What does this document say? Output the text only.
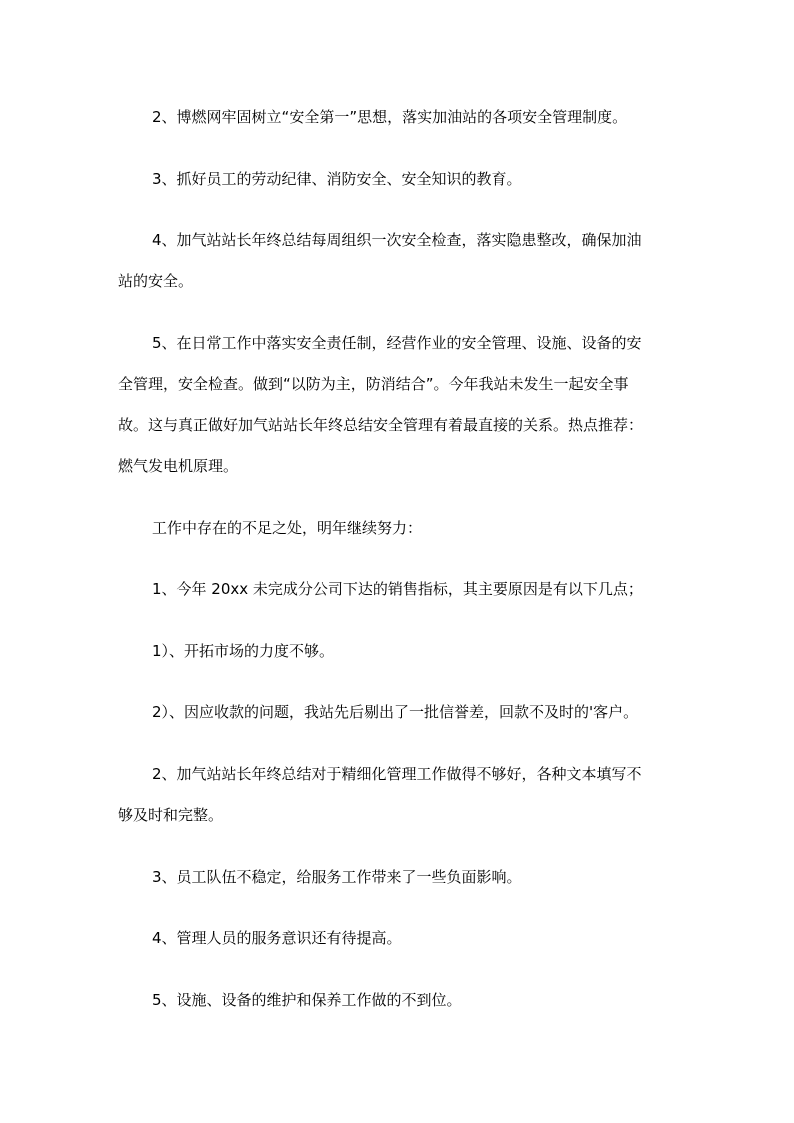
2、博燃网牢固树立“安全第一”思想，落实加油站的各项安全管理制度。

3、抓好员工的劳动纪律、消防安全、安全知识的教育。

4、加气站站长年终总结每周组织一次安全检查，落实隐患整改，确保加油
站的安全。

5、在日常工作中落实安全责任制，经营作业的安全管理、设施、设备的安
全管理，安全检查。做到“以防为主，防消结合”。今年我站未发生一起安全事
故。这与真正做好加气站站长年终总结安全管理有着最直接的关系。热点推荐：
燃气发电机原理。

工作中存在的不足之处，明年继续努力：

1、今年 20xx 未完成分公司下达的销售指标，其主要原因是有以下几点；

1）、开拓市场的力度不够。

2）、因应收款的问题，我站先后剔出了一批信誉差，回款不及时的'客户。

2、加气站站长年终总结对于精细化管理工作做得不够好，各种文本填写不
够及时和完整。

3、员工队伍不稳定，给服务工作带来了一些负面影响。

4、管理人员的服务意识还有待提高。

5、设施、设备的维护和保养工作做的不到位。
